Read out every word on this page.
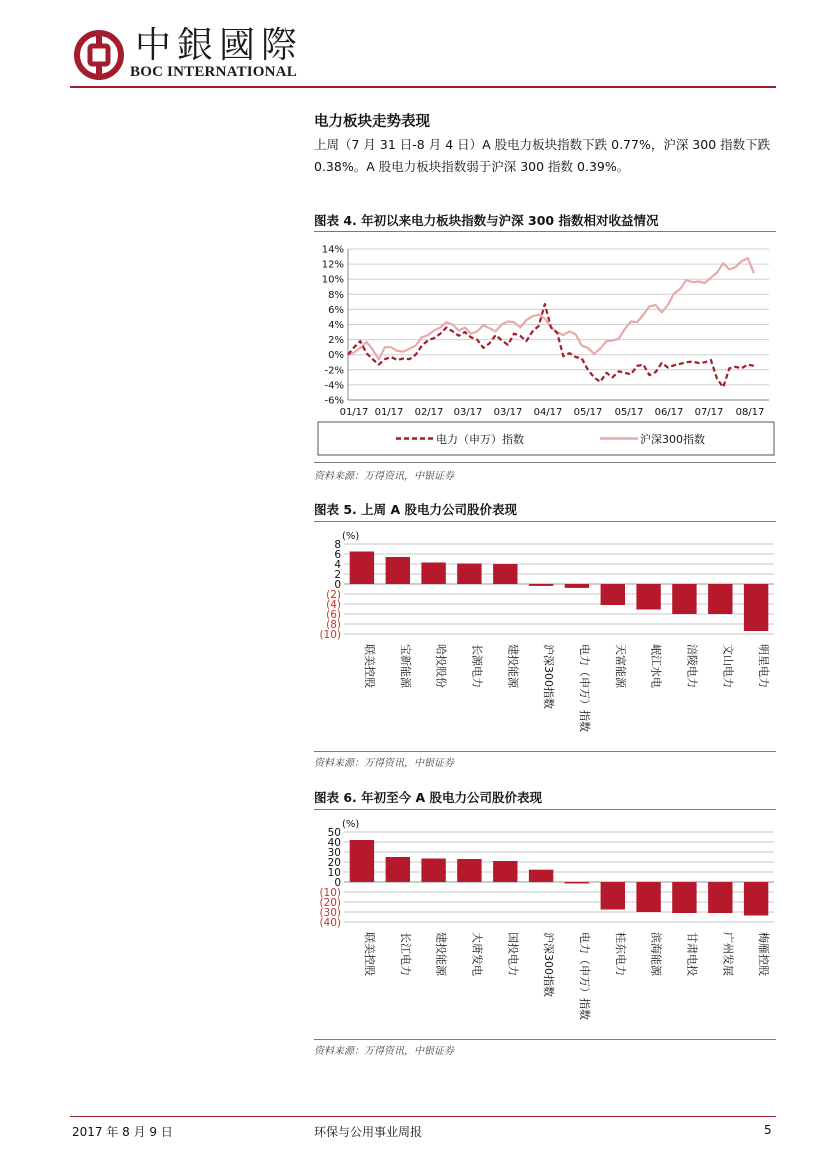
中銀國際
BOC INTERNATIONAL
电力板块走势表现
上周（7 月 31 日-8 月 4 日）A 股电力板块指数下跌 0.77%，沪深 300 指数下跌
0.38%。A 股电力板块指数弱于沪深 300 指数 0.39%。
图表 4. 年初以来电力板块指数与沪深 300 指数相对收益情况
14%
12%
10%
8%
6%
4%
2%
0%
-2%
-4%
-6%
01/17 01/17 02/17 03/17 03/17 04/17 05/17 05/17 06/17 07/17 08/17
电力（申万）指数	沪深300指数
资料来源：万得资讯，中银证券
图表 5. 上周 A 股电力公司股价表现
(%)
8
6
4
2
0
(2)
(4)
(6)
(8)
(10)
联美控股 宝新能源 哈投股份 长源电力 建投能源 沪深300指数 电力（申万）指数 天富能源 岷江水电 涪陵电力 文山电力 明星电力
资料来源：万得资讯，中银证券
图表 6. 年初至今 A 股电力公司股价表现
(%)
50
40
30
20
10
0
(10)
(20)
(30)
(40)
联美控股 长江电力 建投能源 大唐发电 国投电力 沪深300指数 电力（申万）指数 桂东电力 滨海能源 甘肃电投 广州发展 梅雁控股
资料来源：万得资讯，中银证券
2017 年 8 月 9 日	环保与公用事业周报	5
